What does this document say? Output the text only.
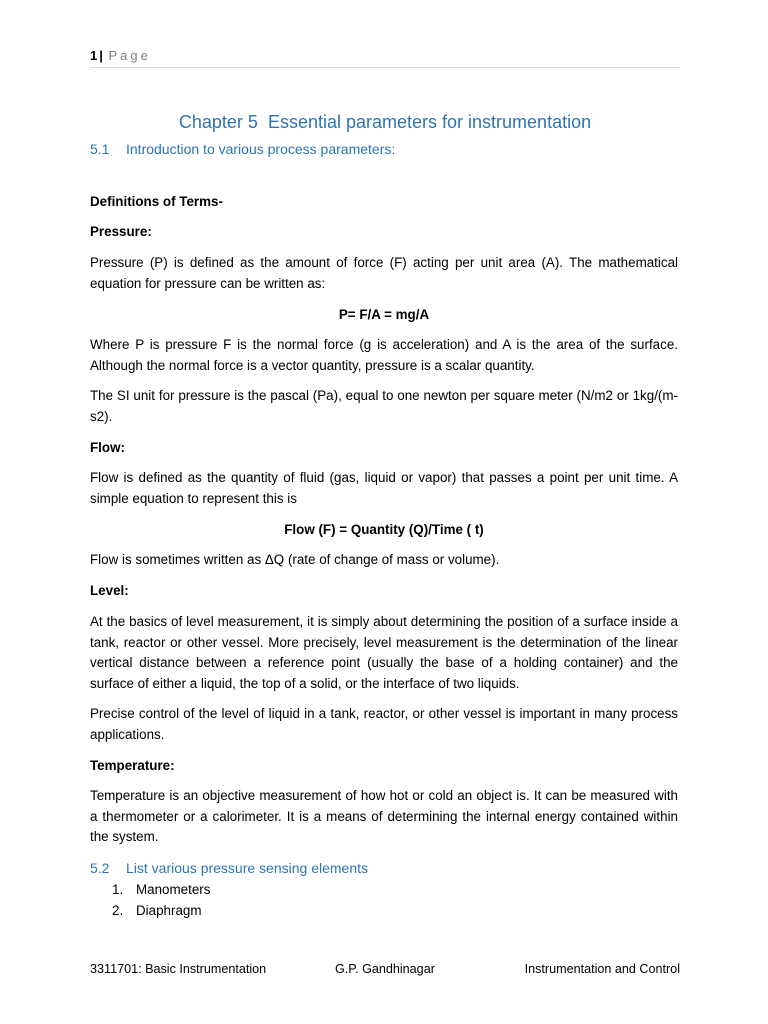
1 | Page
Chapter 5 Essential parameters for instrumentation
5.1 Introduction to various process parameters:
Definitions of Terms-
Pressure:
Pressure (P) is defined as the amount of force (F) acting per unit area (A). The mathematical equation for pressure can be written as:
P= F/A = mg/A
Where P is pressure F is the normal force (g is acceleration) and A is the area of the surface. Although the normal force is a vector quantity, pressure is a scalar quantity.
The SI unit for pressure is the pascal (Pa), equal to one newton per square meter (N/m2 or 1kg/(m-s2).
Flow:
Flow is defined as the quantity of fluid (gas, liquid or vapor) that passes a point per unit time. A simple equation to represent this is
Flow (F) = Quantity (Q)/Time ( t)
Flow is sometimes written as ΔQ (rate of change of mass or volume).
Level:
At the basics of level measurement, it is simply about determining the position of a surface inside a tank, reactor or other vessel. More precisely, level measurement is the determination of the linear vertical distance between a reference point (usually the base of a holding container) and the surface of either a liquid, the top of a solid, or the interface of two liquids.
Precise control of the level of liquid in a tank, reactor, or other vessel is important in many process applications.
Temperature:
Temperature is an objective measurement of how hot or cold an object is. It can be measured with a thermometer or a calorimeter. It is a means of determining the internal energy contained within the system.
5.2 List various pressure sensing elements
1. Manometers
2. Diaphragm
3311701: Basic Instrumentation	G.P. Gandhinagar	Instrumentation and Control
